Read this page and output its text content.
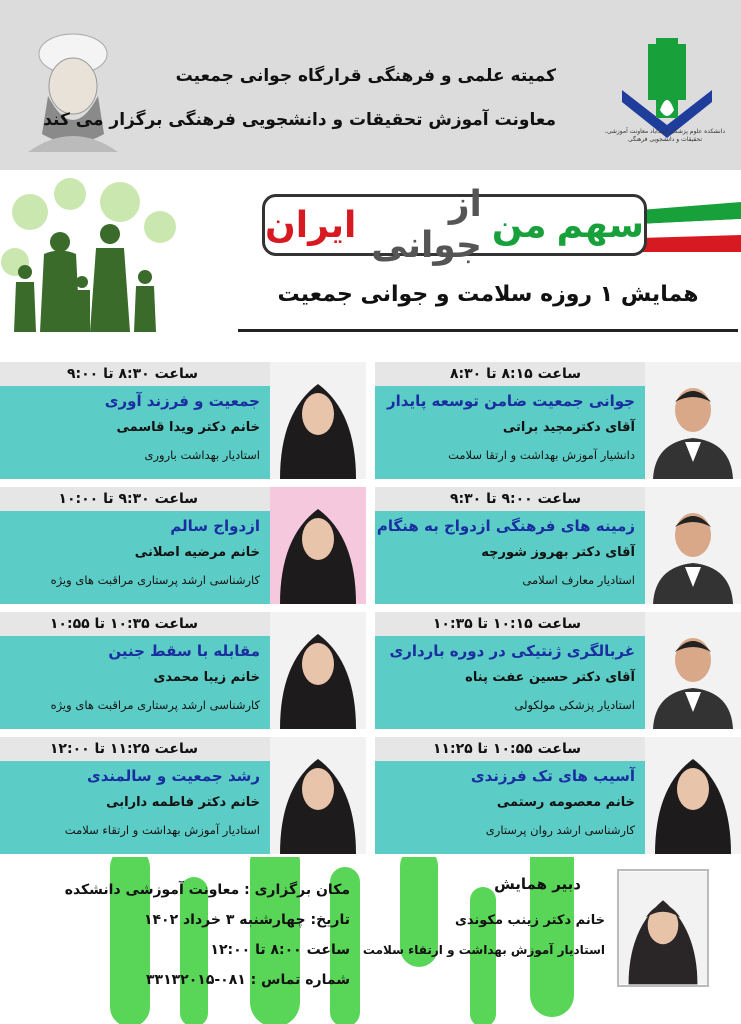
کمیته علمی و فرهنگی قرارگاه جوانی جمعیت
معاونت آموزش تحقیقات و دانشجویی فرهنگی برگزار می کند
دانشکده علوم پزشکی اسدآباد معاونت آموزشی، تحقیقات و دانشجویی فرهنگی
سهم
من
از جوانی
ایران
همایش ۱ روزه سلامت و جوانی جمعیت
ساعت ۸:۱۵ تا ۸:۳۰
جوانی جمعیت ضامن توسعه پایدار
آقای دکترمجید براتی
دانشیار آموزش بهداشت و ارتقا سلامت
ساعت ۸:۳۰ تا ۹:۰۰
جمعیت و فرزند آوری
خانم دکتر ویدا قاسمی
استادیار بهداشت باروری
ساعت ۹:۰۰ تا ۹:۳۰
زمینه های فرهنگی ازدواج به هنگام
آقای دکتر بهروز شورچه
استادیار معارف اسلامی
ساعت ۹:۳۰ تا ۱۰:۰۰
ازدواج سالم
خانم مرضیه اصلانی
کارشناسی ارشد پرستاری مراقبت های ویژه
ساعت ۱۰:۱۵ تا ۱۰:۳۵
غربالگری ژنتیکی در دوره بارداری
آقای دکتر حسین عفت پناه
استادیار پزشکی مولکولی
ساعت ۱۰:۳۵ تا ۱۰:۵۵
مقابله با سقط جنین
خانم زیبا محمدی
کارشناسی ارشد پرستاری مراقبت های ویژه
ساعت ۱۰:۵۵ تا ۱۱:۲۵
آسیب های تک فرزندی
خانم معصومه رستمی
کارشناسی ارشد روان پرستاری
ساعت ۱۱:۲۵ تا ۱۲:۰۰
رشد جمعیت و سالمندی
خانم دکتر فاطمه دارابی
استادیار آموزش بهداشت و ارتقاء سلامت
مکان برگزاری : معاونت آموزشی دانشکده
تاریخ: چهارشنبه ۳ خرداد ۱۴۰۲
ساعت ۸:۰۰ تا ۱۲:۰۰
شماره تماس : ۰۸۱-۳۳۱۳۲۰۱۵
دبیر همایش
خانم دکتر زینب مکوندی
استادیار آموزش بهداشت و ارتقاء سلامت
